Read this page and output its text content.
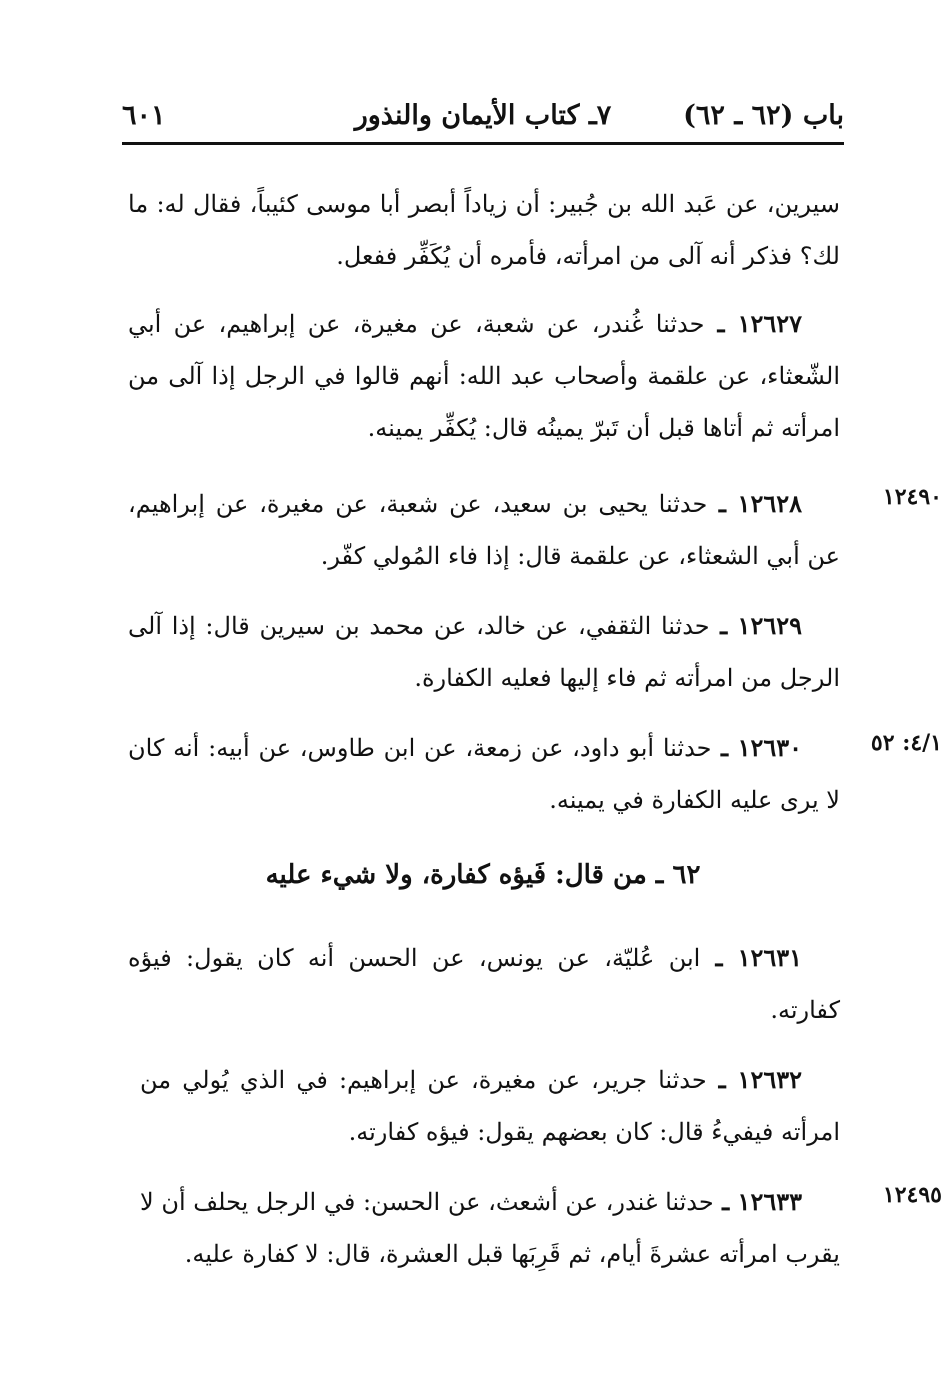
باب (٦٢ ـ ٦٢)
٧ـ كتاب الأيمان والنذور
٦٠١
سيرين، عن عَبد الله بن جُبير: أن زياداً أبصر أبا موسى كئيباً، فقال له: ما لك؟ فذكر أنه آلى من امرأته، فأمره أن يُكَفِّر ففعل.
١٢٦٢٧ ـ حدثنا غُندر، عن شعبة، عن مغيرة، عن إبراهيم، عن أبي الشّعثاء، عن علقمة وأصحاب عبد الله: أنهم قالوا في الرجل إذا آلى من امرأته ثم أتاها قبل أن تَبرّ يمينُه قال: يُكفِّر يمينه.
١٢٦٢٨ ـ حدثنا يحيى بن سعيد، عن شعبة، عن مغيرة، عن إبراهيم، عن أبي الشعثاء، عن علقمة قال: إذا فاء المُولي كفّر.
١٢٤٩٠
١٢٦٢٩ ـ حدثنا الثقفي، عن خالد، عن محمد بن سيرين قال: إذا آلى الرجل من امرأته ثم فاء إليها فعليه الكفارة.
١٢٦٣٠ ـ حدثنا أبو داود، عن زمعة، عن ابن طاوس، عن أبيه: أنه كان لا يرى عليه الكفارة في يمينه.
٤/١: ٥٢
٦٢ ـ من قال: فَيؤه كفارة، ولا شيء عليه
١٢٦٣١ ـ ابن عُليّة، عن يونس، عن الحسن أنه كان يقول: فيؤه كفارته.
١٢٦٣٢ ـ حدثنا جرير، عن مغيرة، عن إبراهيم: في الذي يُولي من امرأته فيفيءُ قال: كان بعضهم يقول: فيؤه كفارته.
١٢٦٣٣ ـ حدثنا غندر، عن أشعث، عن الحسن: في الرجل يحلف أن لا يقرب امرأته عشرةَ أيام، ثم قَرِبَها قبل العشرة، قال: لا كفارة عليه.
١٢٤٩٥
